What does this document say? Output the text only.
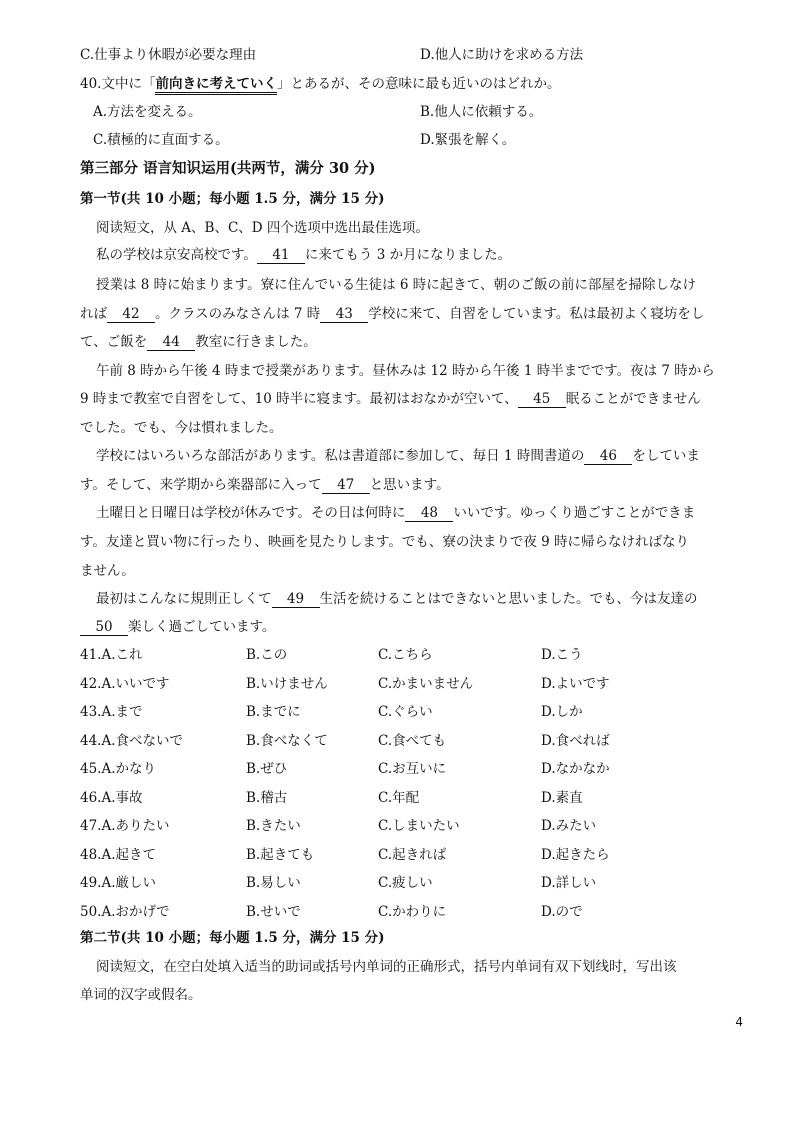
C.仕事より休暇が必要な理由	D.他人に助けを求める方法
40.文中に「前向きに考えていく」とあるが、その意味に最も近いのはどれか。
A.方法を変える。	B.他人に依頼する。
C.積極的に直面する。	D.緊張を解く。
第三部分 语言知识运用(共两节，满分 30 分)
第一节(共 10 小题；每小题 1.5 分，满分 15 分)
阅读短文，从 A、B、C、D 四个选项中选出最佳选项。
私の学校は京安高校です。 41 に来てもう 3 か月になりました。
授業は 8 時に始まります。寮に住んでいる生徒は 6 時に起きて、朝のご飯の前に部屋を掃除しなけ
れば 42 。クラスのみなさんは 7 時 43 学校に来て、自習をしています。私は最初よく寝坊をし
て、ご飯を 44 教室に行きました。
午前 8 時から午後 4 時まで授業があります。昼休みは 12 時から午後 1 時半までです。夜は 7 時から
9 時まで教室で自習をして、10 時半に寝ます。最初はおなかが空いて、 45 眠ることができません
でした。でも、今は慣れました。
学校にはいろいろな部活があります。私は書道部に参加して、毎日 1 時間書道の 46 をしていま
す。そして、来学期から楽器部に入って 47 と思います。
土曜日と日曜日は学校が休みです。その日は何時に 48 いいです。ゆっくり過ごすことができま
す。友達と買い物に行ったり、映画を見たりします。でも、寮の決まりで夜 9 時に帰らなければなり
ません。
最初はこんなに規則正しくて 49 生活を続けることはできないと思いました。でも、今は友達の
50 楽しく過ごしています。
41.A.これ	B.この	C.こちら	D.こう
42.A.いいです	B.いけません	C.かまいません	D.よいです
43.A.まで	B.までに	C.ぐらい	D.しか
44.A.食べないで	B.食べなくて	C.食べても	D.食べれば
45.A.かなり	B.ぜひ	C.お互いに	D.なかなか
46.A.事故	B.稽古	C.年配	D.素直
47.A.ありたい	B.きたい	C.しまいたい	D.みたい
48.A.起きて	B.起きても	C.起きれば	D.起きたら
49.A.厳しい	B.易しい	C.疲しい	D.詳しい
50.A.おかげで	B.せいで	C.かわりに	D.ので
第二节(共 10 小题；每小题 1.5 分，满分 15 分)
阅读短文，在空白处填入适当的助词或括号内单词的正确形式，括号内单词有双下划线时，写出该
单词的汉字或假名。
4
